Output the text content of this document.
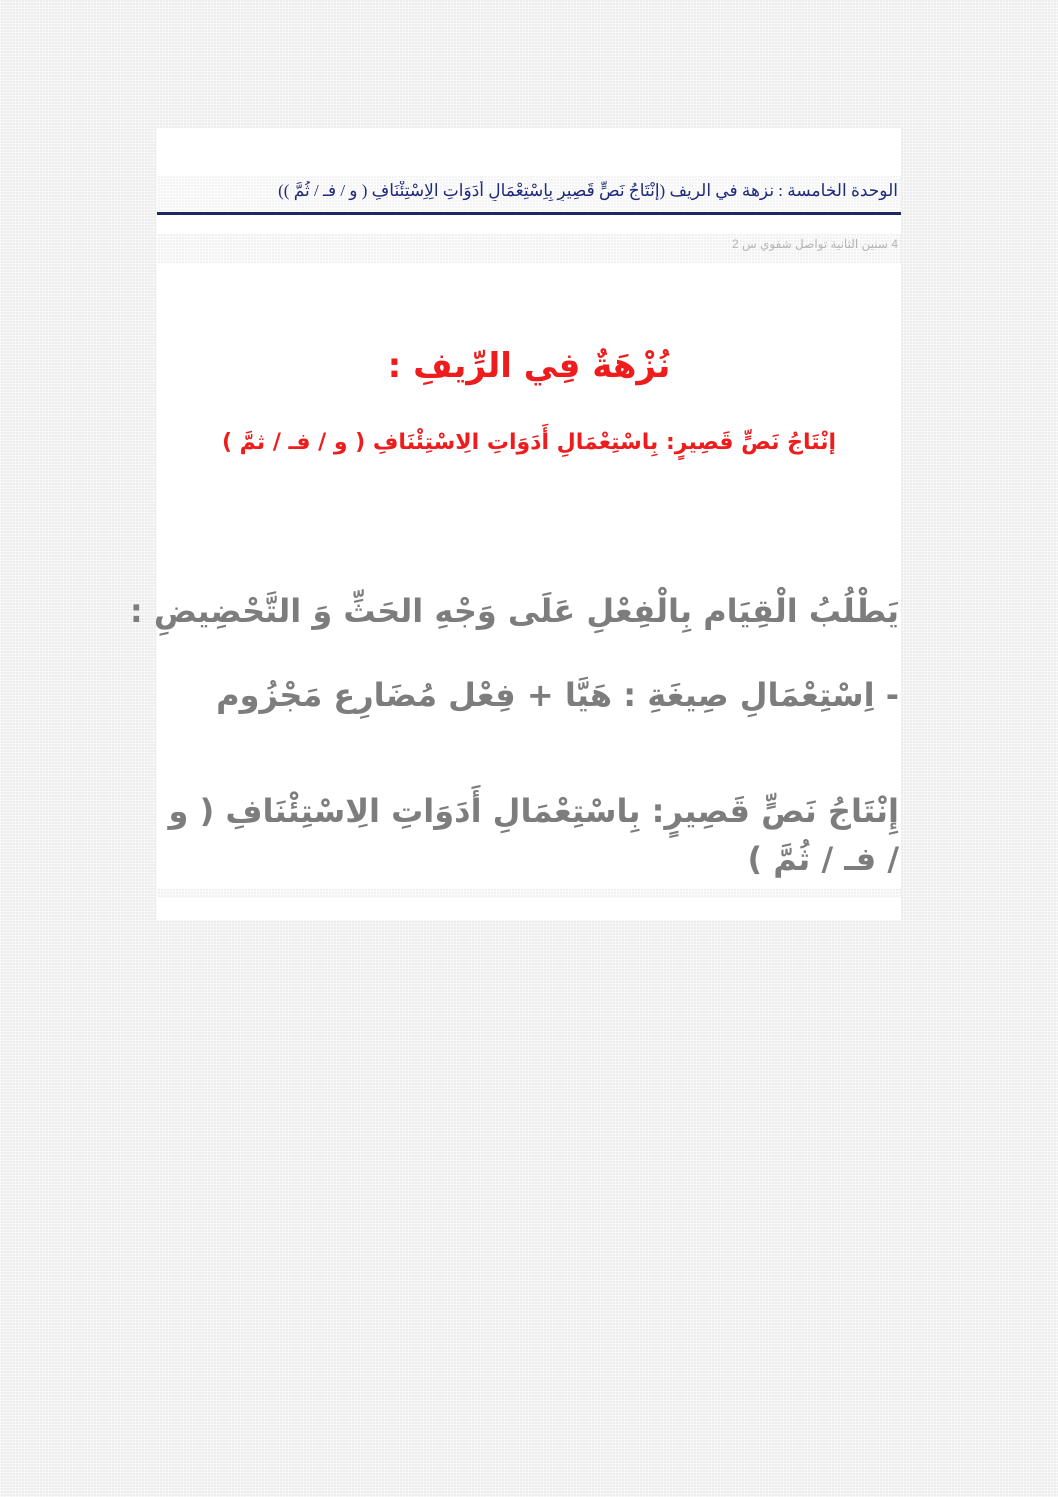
الوحدة الخامسة : نزهة في الريف (إِنْتَاجُ نَصٍّ قَصِيرٍ بِاِسْتِعْمَالِ أَدَوَاتِ الِاِسْتِئْنَافِ ( و / فـ / ثُمَّ ))
4 سنين الثانية تواصل شفوي س 2
نُزْهَةٌ فِي الرِّيفِ :
إنْتَاجُ نَصٍّ قَصِيرٍ: بِاسْتِعْمَالِ أَدَوَاتِ الِاسْتِئْنَافِ ( و / فـ / ثمَّ )
يَطْلُبُ الْقِيَام بِالْفِعْلِ عَلَى وَجْهِ الحَثِّ وَ التَّحْضِيضِ :
- اِسْتِعْمَالِ صِيغَةِ : هَيَّا + فِعْل مُضَارِع مَجْزُوم
إِنْتَاجُ نَصٍّ قَصِيرٍ: بِاسْتِعْمَالِ أَدَوَاتِ الِاسْتِئْنَافِ ( و / فـ / ثُمَّ )
